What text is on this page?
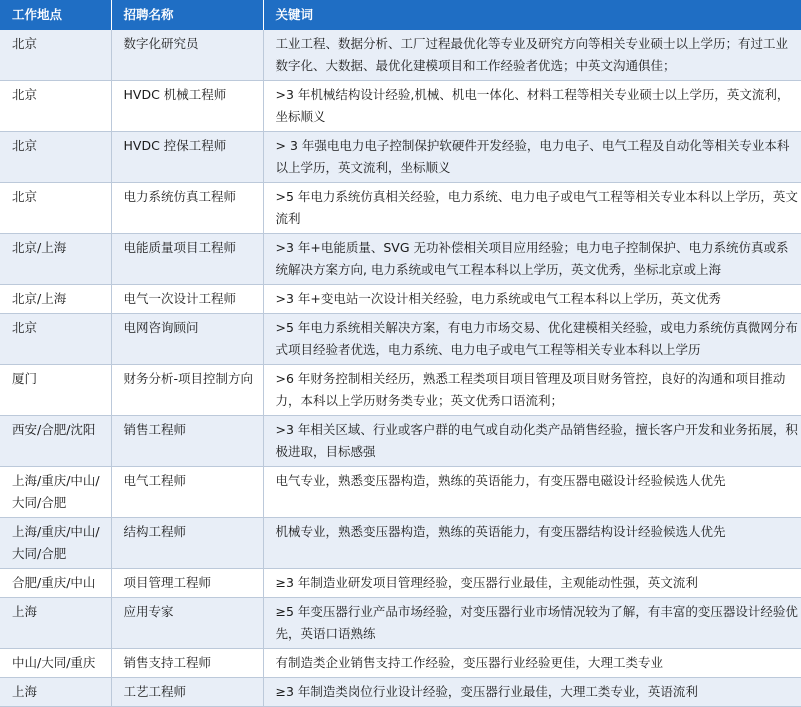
工作地点	招聘名称	关键词
北京	数字化研究员	工业工程、数据分析、工厂过程最优化等专业及研究方向等相关专业硕士以上学历；有过工业数字化、大数据、最优化建模项目和工作经验者优选；中英文沟通俱佳；
北京	HVDC 机械工程师	>3 年机械结构设计经验,机械、机电一体化、材料工程等相关专业硕士以上学历，英文流利，坐标顺义
北京	HVDC 控保工程师	> 3 年强电电力电子控制保护软硬件开发经验，电力电子、电气工程及自动化等相关专业本科以上学历，英文流利，坐标顺义
北京	电力系统仿真工程师	>5 年电力系统仿真相关经验，电力系统、电力电子或电气工程等相关专业本科以上学历，英文流利
北京/上海	电能质量项目工程师	>3 年+电能质量、SVG 无功补偿相关项目应用经验；电力电子控制保护、电力系统仿真或系统解决方案方向, 电力系统或电气工程本科以上学历，英文优秀，坐标北京或上海
北京/上海	电气一次设计工程师	>3 年+变电站一次设计相关经验，电力系统或电气工程本科以上学历，英文优秀
北京	电网咨询顾问	>5 年电力系统相关解决方案，有电力市场交易、优化建模相关经验，或电力系统仿真微网分布式项目经验者优选，电力系统、电力电子或电气工程等相关专业本科以上学历
厦门	财务分析-项目控制方向	>6 年财务控制相关经历，熟悉工程类项目项目管理及项目财务管控，良好的沟通和项目推动力，本科以上学历财务类专业；英文优秀口语流利；
西安/合肥/沈阳	销售工程师	>3 年相关区域、行业或客户群的电气或自动化类产品销售经验，擅长客户开发和业务拓展，积极进取，目标感强
上海/重庆/中山/大同/合肥	电气工程师	电气专业，熟悉变压器构造，熟练的英语能力，有变压器电磁设计经验候选人优先
上海/重庆/中山/大同/合肥	结构工程师	机械专业，熟悉变压器构造，熟练的英语能力，有变压器结构设计经验候选人优先
合肥/重庆/中山	项目管理工程师	≥3 年制造业研发项目管理经验，变压器行业最佳，主观能动性强，英文流利
上海	应用专家	≥5 年变压器行业产品市场经验，对变压器行业市场情况较为了解，有丰富的变压器设计经验优先，英语口语熟练
中山/大同/重庆	销售支持工程师	有制造类企业销售支持工作经验，变压器行业经验更佳，大理工类专业
上海	工艺工程师	≥3 年制造类岗位行业设计经验，变压器行业最佳，大理工类专业，英语流利
